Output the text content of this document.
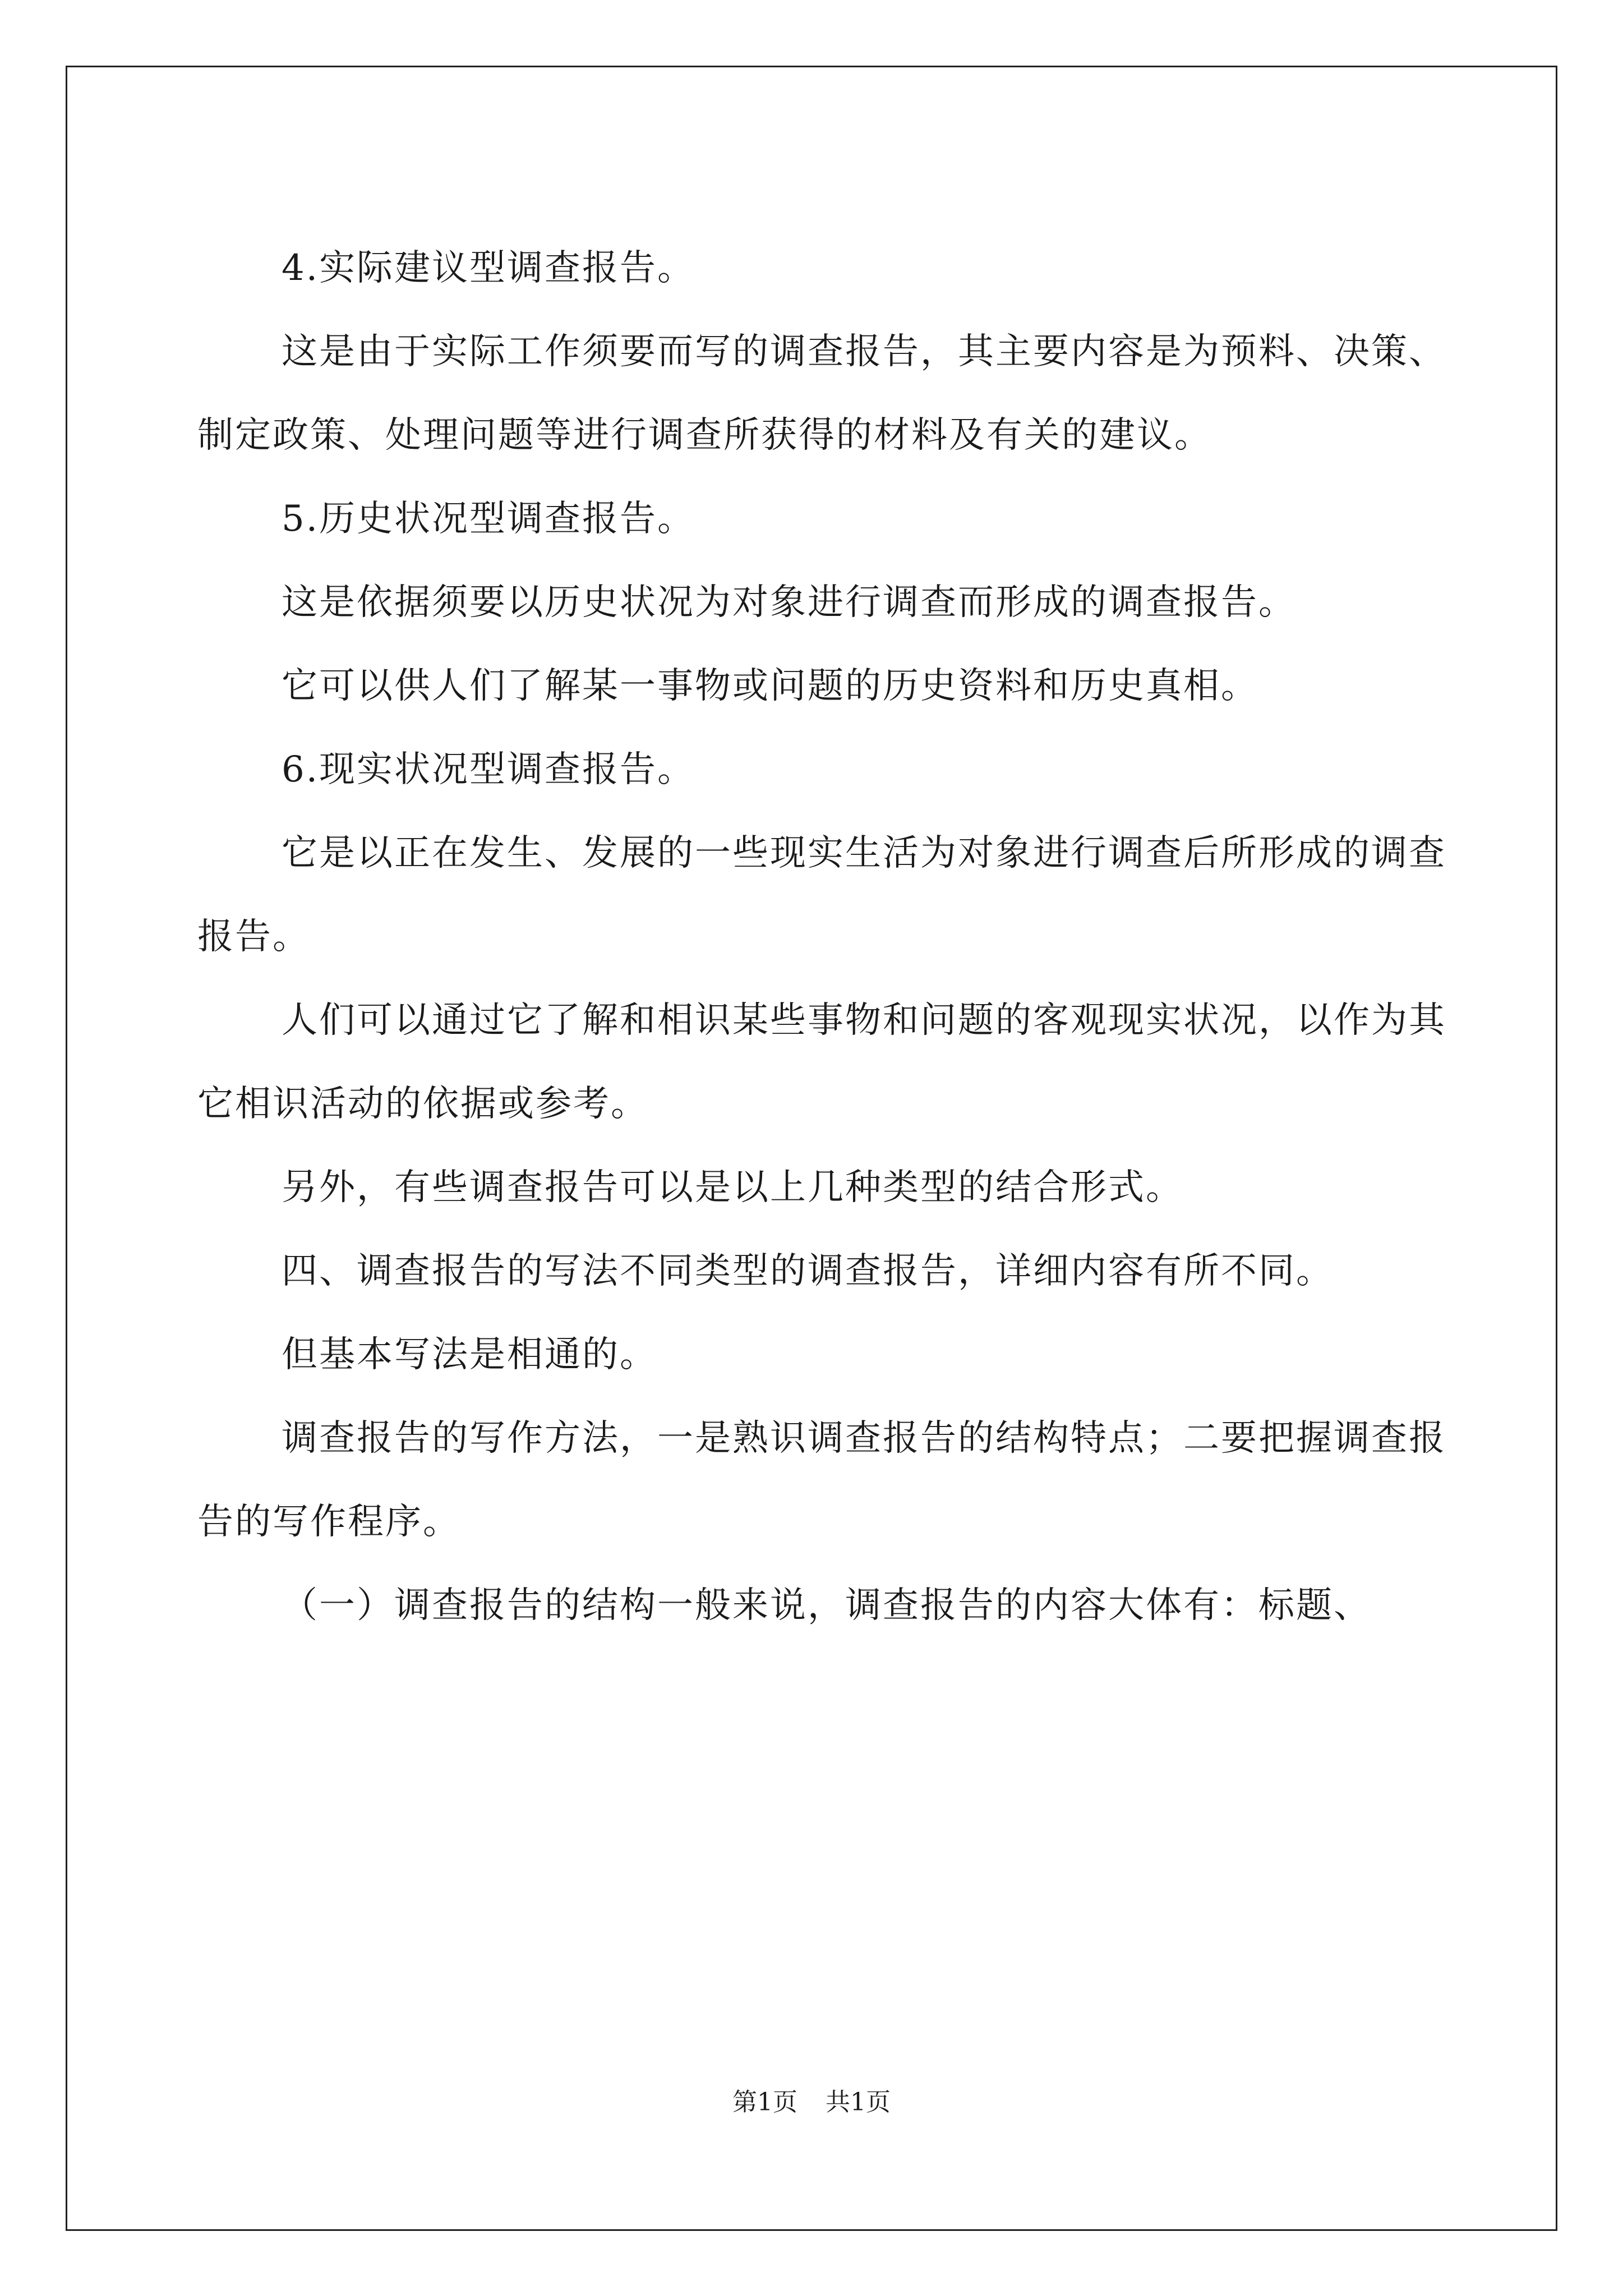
4.实际建议型调查报告。

这是由于实际工作须要而写的调查报告，其主要内容是为预料、决策、制定政策、处理问题等进行调查所获得的材料及有关的建议。

5.历史状况型调查报告。

这是依据须要以历史状况为对象进行调查而形成的调查报告。

它可以供人们了解某一事物或问题的历史资料和历史真相。

6.现实状况型调查报告。

它是以正在发生、发展的一些现实生活为对象进行调查后所形成的调查报告。

人们可以通过它了解和相识某些事物和问题的客观现实状况，以作为其它相识活动的依据或参考。

另外，有些调查报告可以是以上几种类型的结合形式。

四、调查报告的写法不同类型的调查报告，详细内容有所不同。

但基本写法是相通的。

调查报告的写作方法，一是熟识调查报告的结构特点；二要把握调查报告的写作程序。

（一）调查报告的结构一般来说，调查报告的内容大体有：标题、

第1页 共1页
